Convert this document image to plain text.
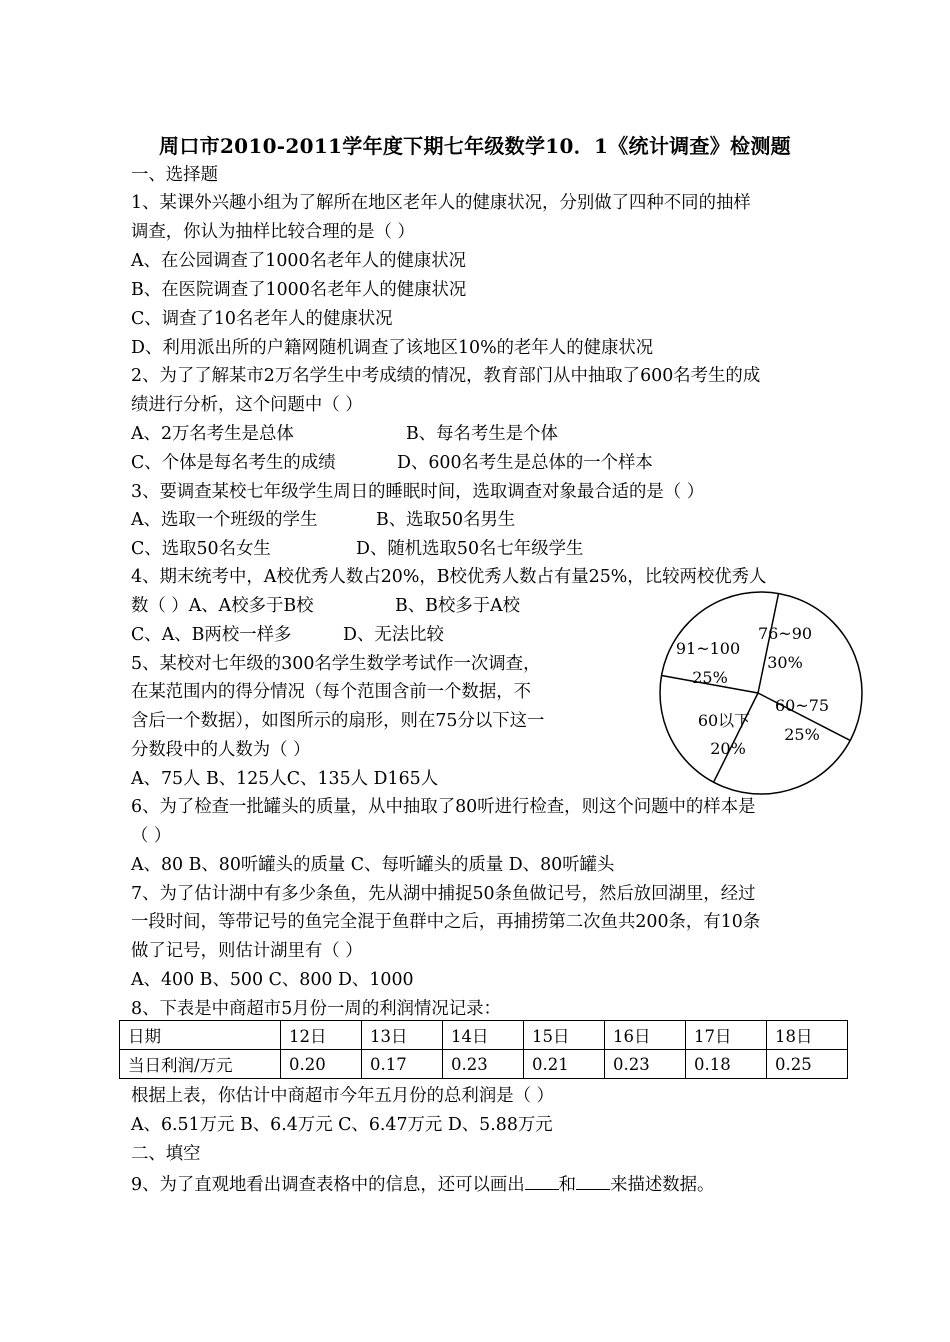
周口市2010-2011学年度下期七年级数学10．1《统计调查》检测题
一、选择题
1、某课外兴趣小组为了解所在地区老年人的健康状况，分别做了四种不同的抽样
调查，你认为抽样比较合理的是（ ）
A、在公园调查了1000名老年人的健康状况
B、在医院调查了1000名老年人的健康状况
C、调查了10名老年人的健康状况
D、利用派出所的户籍网随机调查了该地区10%的老年人的健康状况
2、为了了解某市2万名学生中考成绩的情况，教育部门从中抽取了600名考生的成
绩进行分析，这个问题中（ ）
A、2万名考生是总体	B、每名考生是个体
C、个体是每名考生的成绩	D、600名考生是总体的一个样本
3、要调查某校七年级学生周日的睡眠时间，选取调查对象最合适的是（ ）
A、选取一个班级的学生	B、选取50名男生
C、选取50名女生	D、随机选取50名七年级学生
4、期末统考中，A校优秀人数占20%，B校优秀人数占有量25%，比较两校优秀人
数（ ）A、A校多于B校	B、B校多于A校
C、A、B两校一样多	D、无法比较
5、某校对七年级的300名学生数学考试作一次调查，
在某范围内的得分情况（每个范围含前一个数据，不
含后一个数据），如图所示的扇形，则在75分以下这一
分数段中的人数为（ ）
A、75人 B、125人C、135人 D165人
6、为了检查一批罐头的质量，从中抽取了80听进行检查，则这个问题中的样本是
（ ）
A、80 B、80听罐头的质量 C、每听罐头的质量 D、80听罐头
7、为了估计湖中有多少条鱼，先从湖中捕捉50条鱼做记号，然后放回湖里，经过
一段时间，等带记号的鱼完全混于鱼群中之后，再捕捞第二次鱼共200条，有10条
做了记号，则估计湖里有（ ）
A、400 B、500 C、800 D、1000
8、下表是中商超市5月份一周的利润情况记录：
日期	12日	13日	14日	15日	16日	17日	18日
当日利润/万元	0.20	0.17	0.23	0.21	0.23	0.18	0.25
根据上表，你估计中商超市今年五月份的总利润是（ ）
A、6.51万元 B、6.4万元 C、6.47万元 D、5.88万元
二、填空
9、为了直观地看出调查表格中的信息，还可以画出 和 来描述数据。
91~100
25%
76~90
30%
60~75
25%
60以下
20%
